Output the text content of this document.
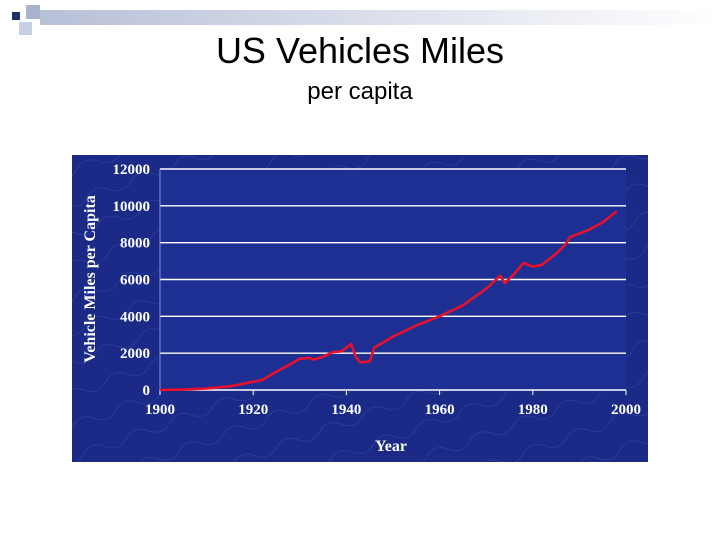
US Vehicles Miles
per capita
0
2000
4000
6000
8000
10000
12000
1900	1920	1940	1960	1980	2000
Year
Vehicle Miles per Capita
